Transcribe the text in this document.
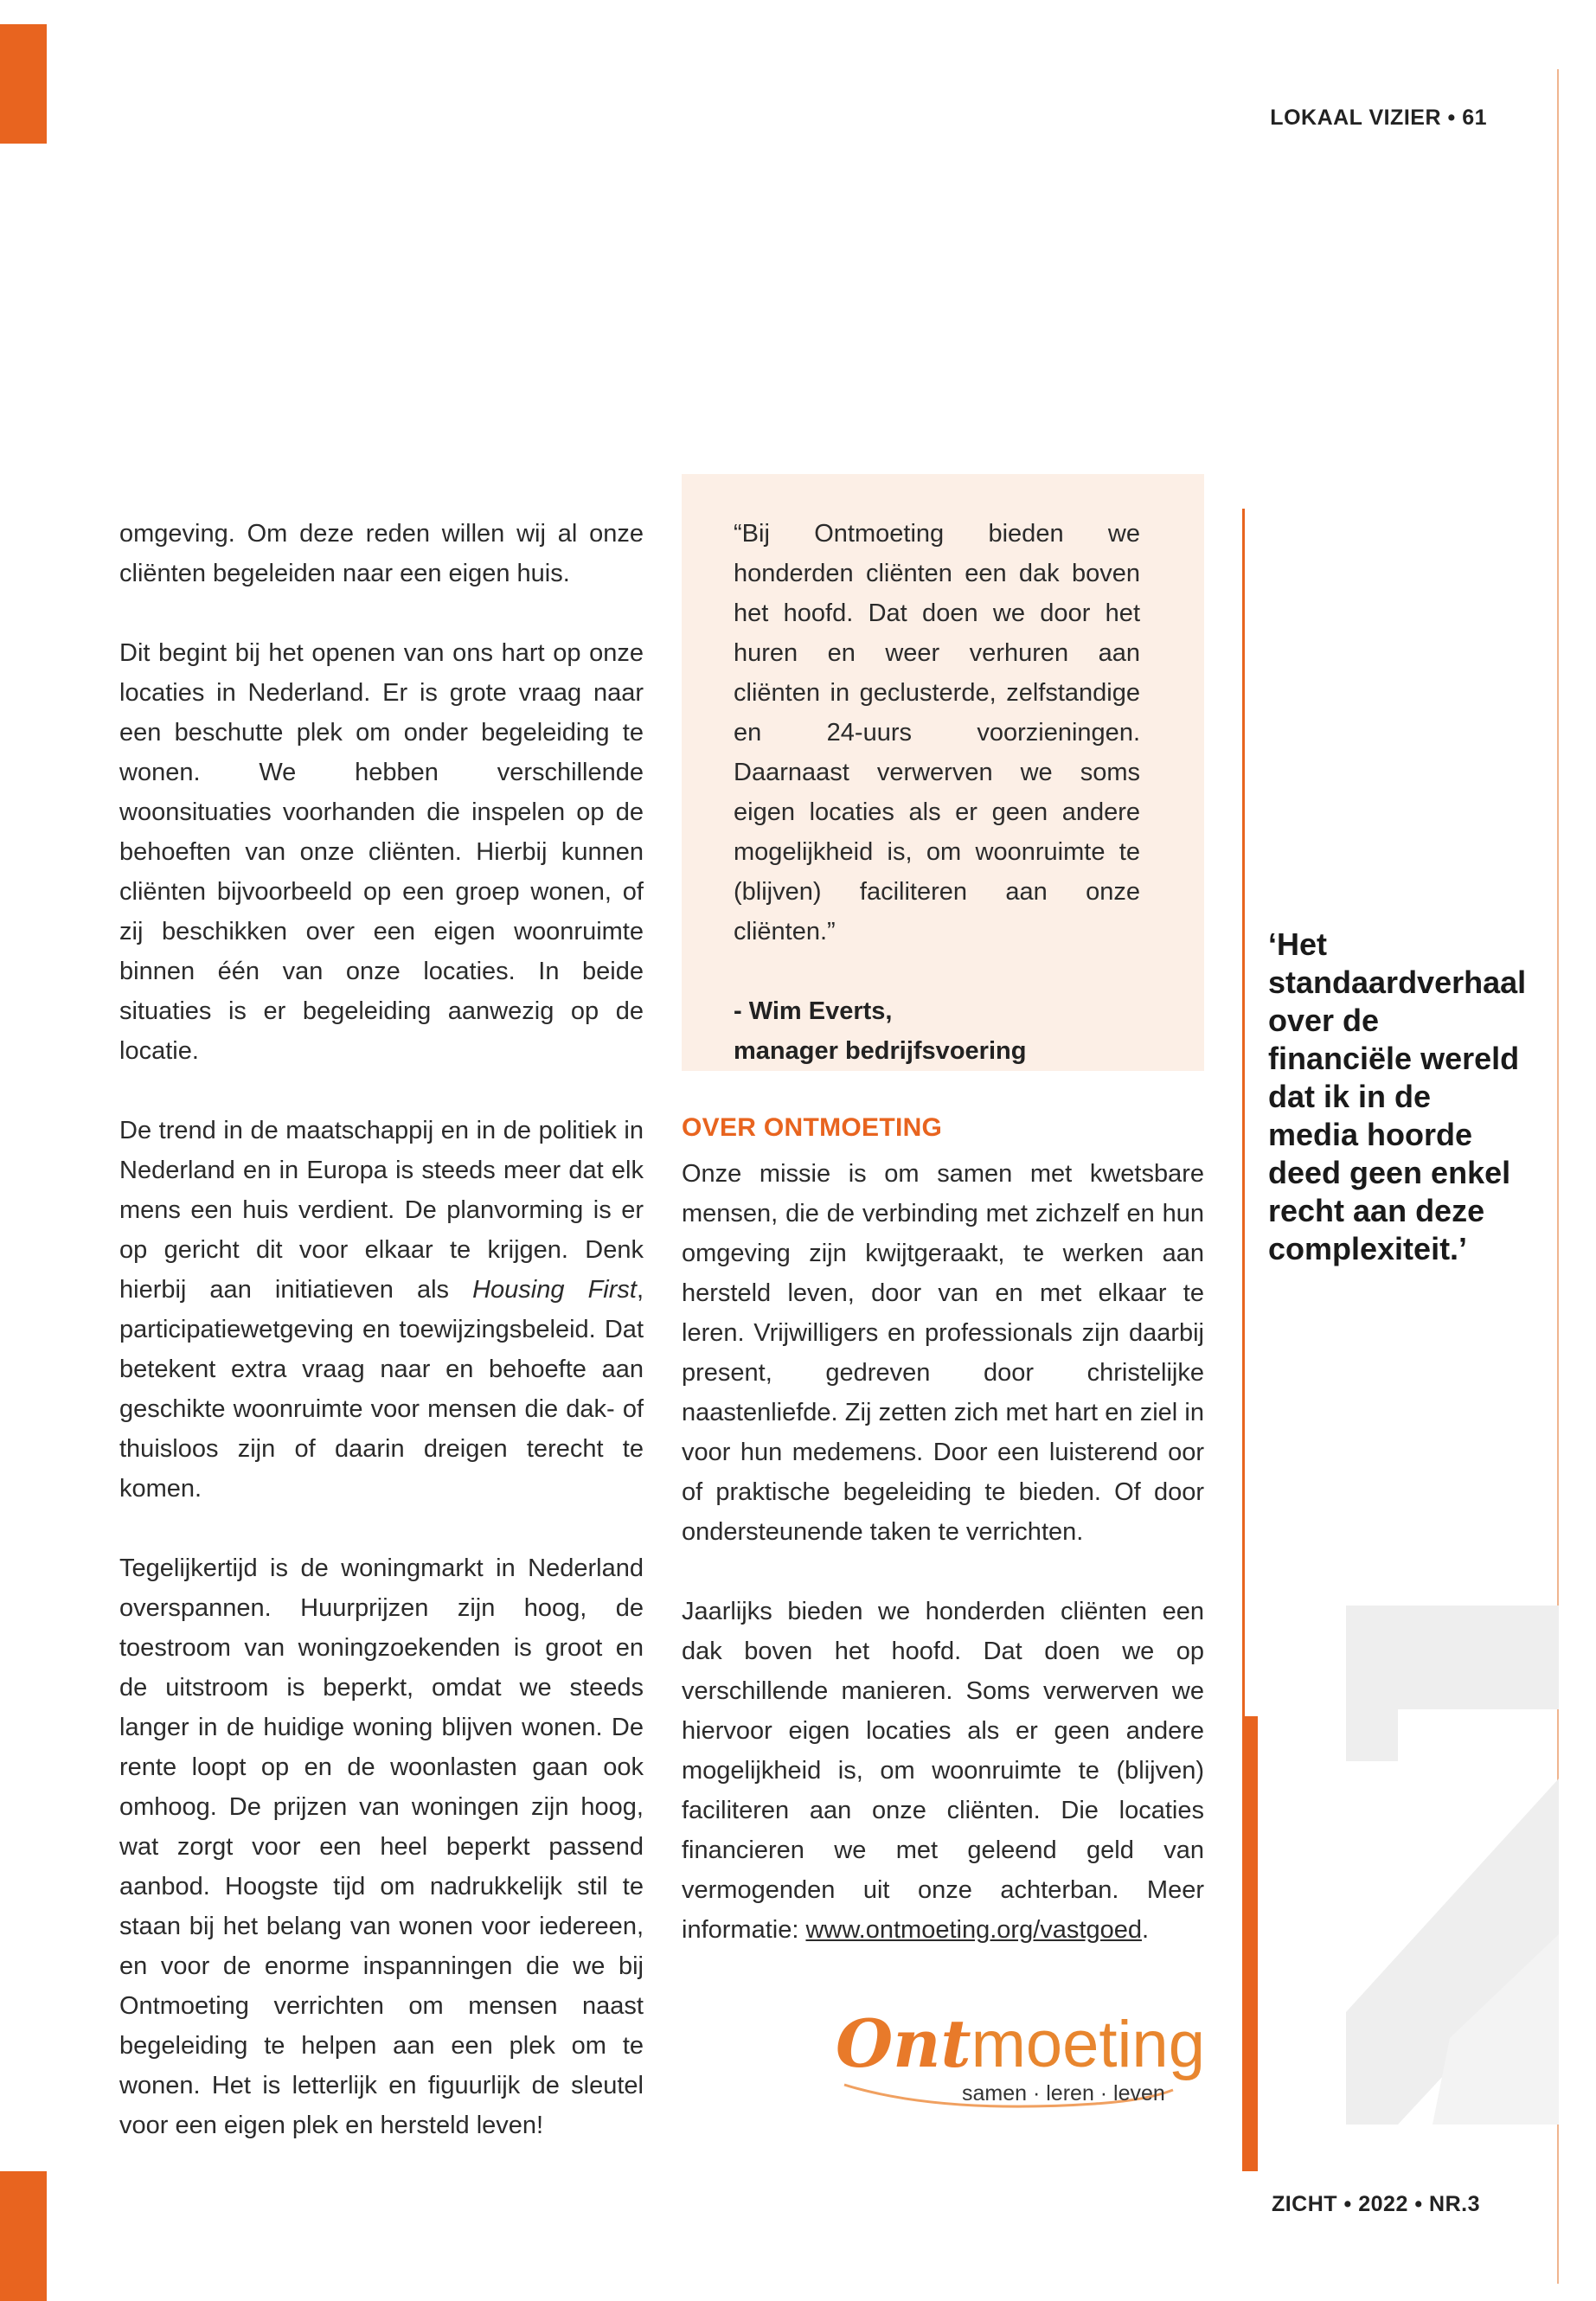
LOKAAL VIZIER • 61

omgeving. Om deze reden willen wij al onze cliënten begeleiden naar een eigen huis.

Dit begint bij het openen van ons hart op onze locaties in Nederland. Er is grote vraag naar een beschutte plek om onder begeleiding te wonen. We hebben verschillende woonsituaties voorhanden die inspelen op de behoeften van onze cliënten. Hierbij kunnen cliënten bijvoorbeeld op een groep wonen, of zij beschikken over een eigen woonruimte binnen één van onze locaties. In beide situaties is er begeleiding aanwezig op de locatie.

De trend in de maatschappij en in de politiek in Nederland en in Europa is steeds meer dat elk mens een huis verdient. De planvorming is er op gericht dit voor elkaar te krijgen. Denk hierbij aan initiatieven als Housing First, participatiewetgeving en toewijzingsbeleid. Dat betekent extra vraag naar en behoefte aan geschikte woonruimte voor mensen die dak- of thuisloos zijn of daarin dreigen terecht te komen.

Tegelijkertijd is de woningmarkt in Nederland overspannen. Huurprijzen zijn hoog, de toestroom van woningzoekenden is groot en de uitstroom is beperkt, omdat we steeds langer in de huidige woning blijven wonen. De rente loopt op en de woonlasten gaan ook omhoog. De prijzen van woningen zijn hoog, wat zorgt voor een heel beperkt passend aanbod. Hoogste tijd om nadrukkelijk stil te staan bij het belang van wonen voor iedereen, en voor de enorme inspanningen die we bij Ontmoeting verrichten om mensen naast begeleiding te helpen aan een plek om te wonen. Het is letterlijk en figuurlijk de sleutel voor een eigen plek en hersteld leven!

“Bij Ontmoeting bieden we honderden cliënten een dak boven het hoofd. Dat doen we door het huren en weer verhuren aan cliënten in geclusterde, zelfstandige en 24-uurs voorzieningen. Daarnaast verwerven we soms eigen locaties als er geen andere mogelijkheid is, om woonruimte te (blijven) faciliteren aan onze cliënten.”

- Wim Everts,
manager bedrijfsvoering
OVER ONTMOETING

Onze missie is om samen met kwetsbare mensen, die de verbinding met zichzelf en hun omgeving zijn kwijtgeraakt, te werken aan hersteld leven, door van en met elkaar te leren. Vrijwilligers en professionals zijn daarbij present, gedreven door christelijke naastenliefde. Zij zetten zich met hart en ziel in voor hun medemens. Door een luisterend oor of praktische begeleiding te bieden. Of door ondersteunende taken te verrichten.

Jaarlijks bieden we honderden cliënten een dak boven het hoofd. Dat doen we op verschillende manieren. Soms verwerven we hiervoor eigen locaties als er geen andere mogelijkheid is, om woonruimte te (blijven) faciliteren aan onze cliënten. Die locaties financieren we met geleend geld van vermogenden uit onze achterban. Meer informatie: www.ontmoeting.org/vastgoed.

‘Het standaardverhaal over de financiële wereld dat ik in de media hoorde deed geen enkel recht aan deze complexiteit.’
Ontmoeting
samen · leren · leven
ZICHT • 2022 • NR.3
